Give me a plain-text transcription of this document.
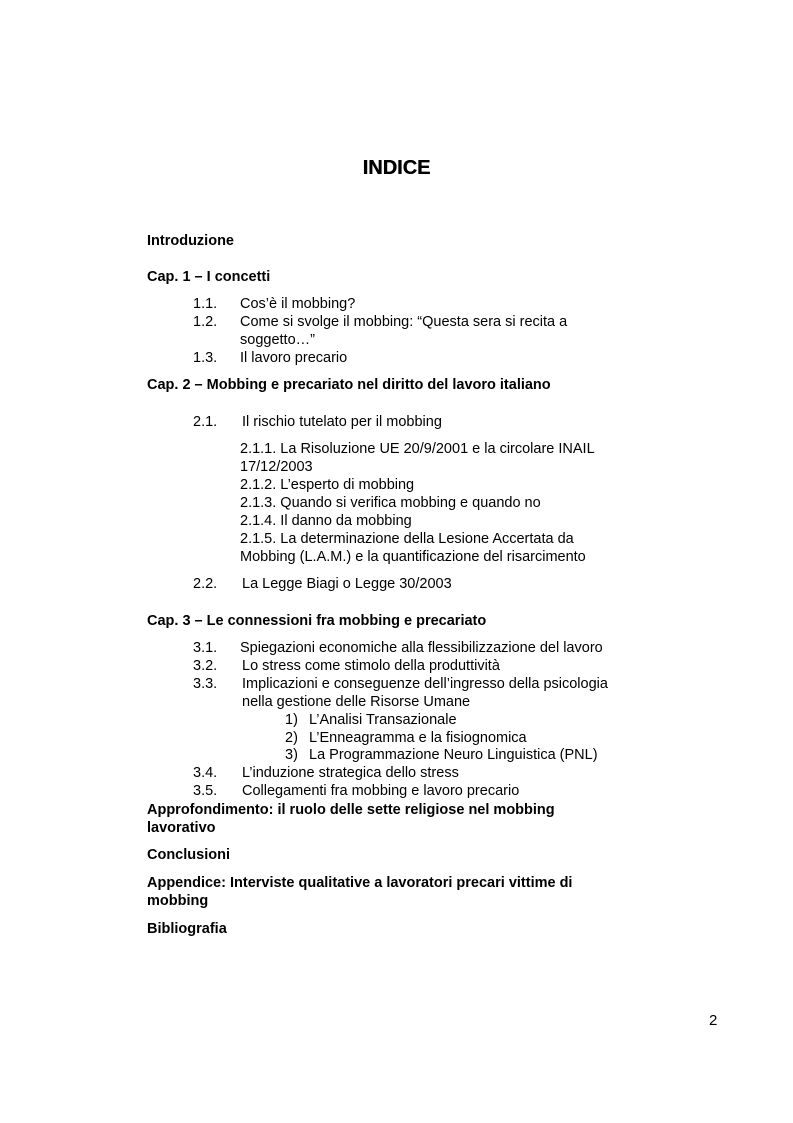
INDICE
Introduzione
Cap. 1 – I concetti
1.1. Cos’è il mobbing?
1.2. Come si svolge il mobbing: “Questa sera si recita a
soggetto…”
1.3. Il lavoro precario
Cap. 2 – Mobbing e precariato nel diritto del lavoro italiano
2.1. Il rischio tutelato per il mobbing
2.1.1. La Risoluzione UE 20/9/2001 e la circolare INAIL
17/12/2003
2.1.2. L’esperto di mobbing
2.1.3. Quando si verifica mobbing e quando no
2.1.4. Il danno da mobbing
2.1.5. La determinazione della Lesione Accertata da
Mobbing (L.A.M.) e la quantificazione del risarcimento
2.2. La Legge Biagi o Legge 30/2003
Cap. 3 – Le connessioni fra mobbing e precariato
3.1. Spiegazioni economiche alla flessibilizzazione del lavoro
3.2. Lo stress come stimolo della produttività
3.3. Implicazioni e conseguenze dell’ingresso della psicologia
nella gestione delle Risorse Umane
1) L’Analisi Transazionale
2) L’Enneagramma e la fisiognomica
3) La Programmazione Neuro Linguistica (PNL)
3.4. L’induzione strategica dello stress
3.5. Collegamenti fra mobbing e lavoro precario
Approfondimento: il ruolo delle sette religiose nel mobbing
lavorativo
Conclusioni
Appendice: Interviste qualitative a lavoratori precari vittime di
mobbing
Bibliografia
2
